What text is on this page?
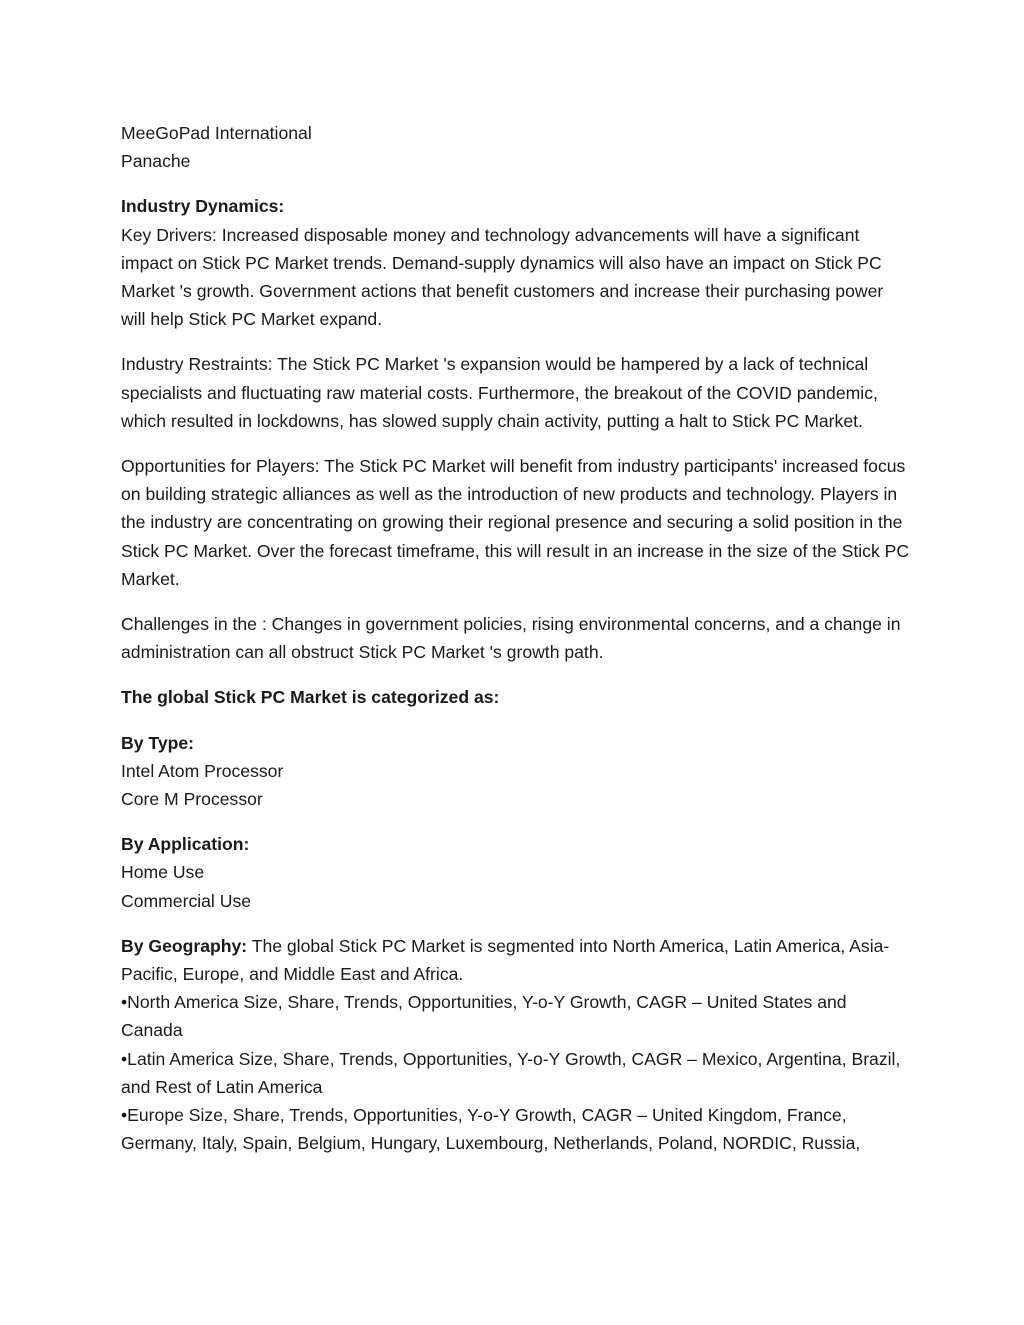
MeeGoPad International
Panache
Industry Dynamics:
Key Drivers: Increased disposable money and technology advancements will have a significant impact on Stick PC Market trends. Demand-supply dynamics will also have an impact on Stick PC Market 's growth. Government actions that benefit customers and increase their purchasing power will help Stick PC Market expand.
Industry Restraints: The Stick PC Market 's expansion would be hampered by a lack of technical specialists and fluctuating raw material costs. Furthermore, the breakout of the COVID pandemic, which resulted in lockdowns, has slowed supply chain activity, putting a halt to Stick PC Market.
Opportunities for Players: The Stick PC Market will benefit from industry participants' increased focus on building strategic alliances as well as the introduction of new products and technology. Players in the industry are concentrating on growing their regional presence and securing a solid position in the Stick PC Market. Over the forecast timeframe, this will result in an increase in the size of the Stick PC Market.
Challenges in the : Changes in government policies, rising environmental concerns, and a change in administration can all obstruct Stick PC Market 's growth path.
The global Stick PC Market is categorized as:
By Type:
Intel Atom Processor
Core M Processor
By Application:
Home Use
Commercial Use
By Geography: The global Stick PC Market is segmented into North America, Latin America, Asia-Pacific, Europe, and Middle East and Africa.
•North America Size, Share, Trends, Opportunities, Y-o-Y Growth, CAGR – United States and Canada
•Latin America Size, Share, Trends, Opportunities, Y-o-Y Growth, CAGR – Mexico, Argentina, Brazil, and Rest of Latin America
•Europe Size, Share, Trends, Opportunities, Y-o-Y Growth, CAGR – United Kingdom, France, Germany, Italy, Spain, Belgium, Hungary, Luxembourg, Netherlands, Poland, NORDIC, Russia,
